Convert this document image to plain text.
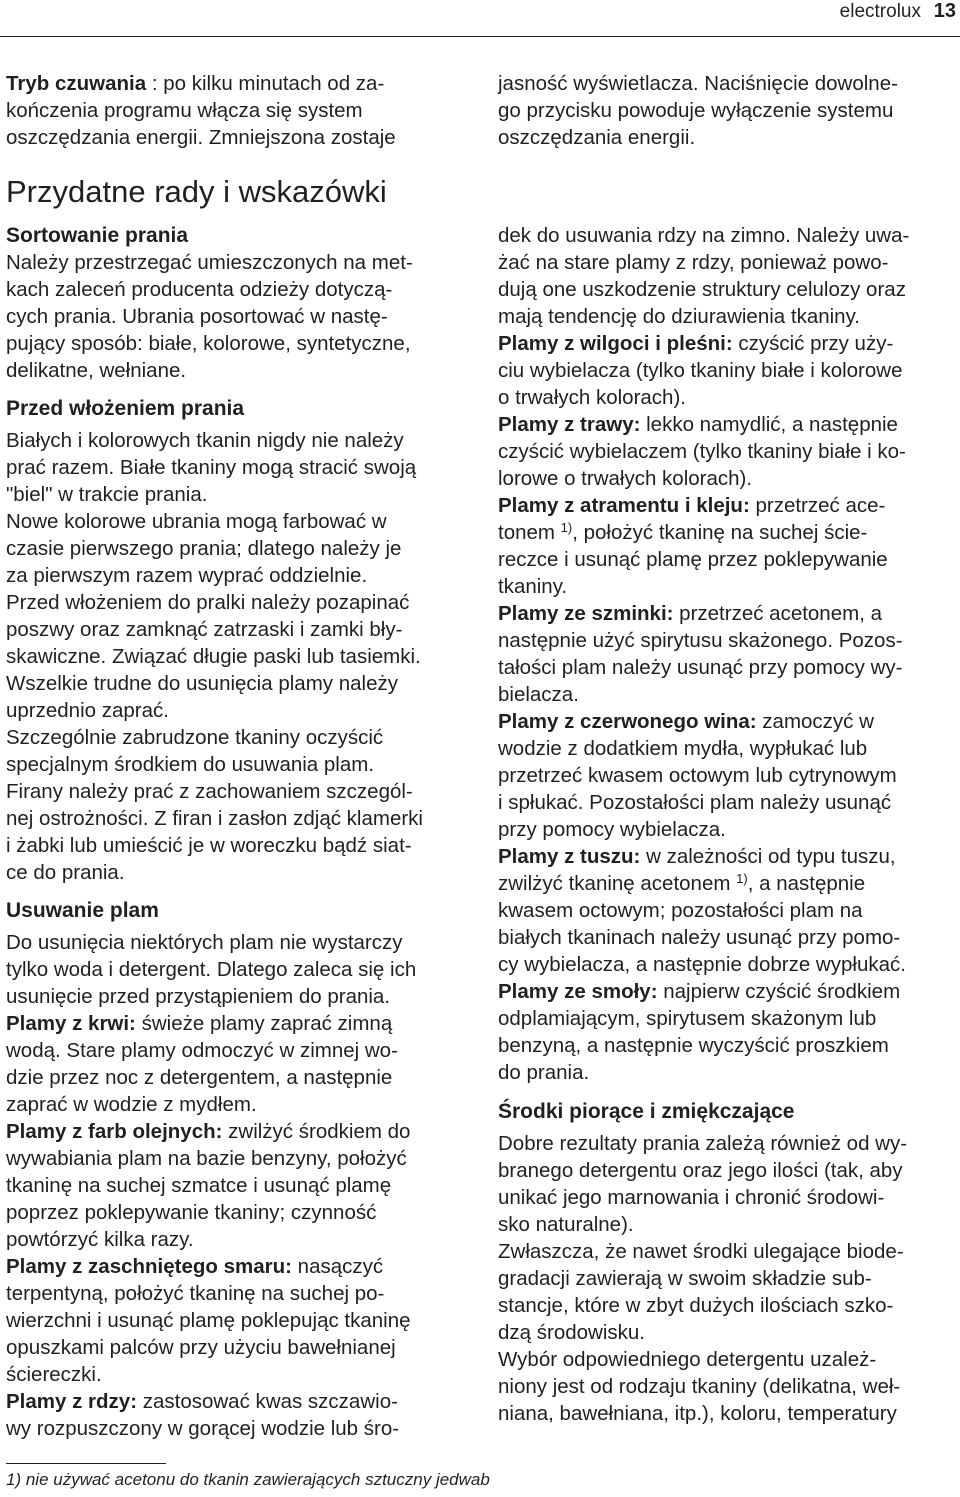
electrolux 13
Tryb czuwania : po kilku minutach od za-
kończenia programu włącza się system
oszczędzania energii. Zmniejszona zostaje
jasność wyświetlacza. Naciśnięcie dowolne-
go przycisku powoduje wyłączenie systemu
oszczędzania energii.
Przydatne rady i wskazówki
Sortowanie prania
Należy przestrzegać umieszczonych na met-
kach zaleceń producenta odzieży dotyczą-
cych prania. Ubrania posortować w nastę-
pujący sposób: białe, kolorowe, syntetyczne,
delikatne, wełniane.
Przed włożeniem prania
Białych i kolorowych tkanin nigdy nie należy
prać razem. Białe tkaniny mogą stracić swoją
"biel" w trakcie prania.
Nowe kolorowe ubrania mogą farbować w
czasie pierwszego prania; dlatego należy je
za pierwszym razem wyprać oddzielnie.
Przed włożeniem do pralki należy pozapinać
poszwy oraz zamknąć zatrzaski i zamki bły-
skawiczne. Związać długie paski lub tasiemki.
Wszelkie trudne do usunięcia plamy należy
uprzednio zaprać.
Szczególnie zabrudzone tkaniny oczyścić
specjalnym środkiem do usuwania plam.
Firany należy prać z zachowaniem szczegól-
nej ostrożności. Z firan i zasłon zdjąć klamerki
i żabki lub umieścić je w woreczku bądź siat-
ce do prania.
Usuwanie plam
Do usunięcia niektórych plam nie wystarczy
tylko woda i detergent. Dlatego zaleca się ich
usunięcie przed przystąpieniem do prania.
Plamy z krwi: świeże plamy zaprać zimną
wodą. Stare plamy odmoczyć w zimnej wo-
dzie przez noc z detergentem, a następnie
zaprać w wodzie z mydłem.
Plamy z farb olejnych: zwilżyć środkiem do
wywabiania plam na bazie benzyny, położyć
tkaninę na suchej szmatce i usunąć plamę
poprzez poklepywanie tkaniny; czynność
powtórzyć kilka razy.
Plamy z zaschniętego smaru: nasączyć
terpentyną, położyć tkaninę na suchej po-
wierzchni i usunąć plamę poklepując tkaninę
opuszkami palców przy użyciu bawełnianej
ściereczki.
Plamy z rdzy: zastosować kwas szczawio-
wy rozpuszczony w gorącej wodzie lub śro-
dek do usuwania rdzy na zimno. Należy uwa-
żać na stare plamy z rdzy, ponieważ powo-
dują one uszkodzenie struktury celulozy oraz
mają tendencję do dziurawienia tkaniny.
Plamy z wilgoci i pleśni: czyścić przy uży-
ciu wybielacza (tylko tkaniny białe i kolorowe
o trwałych kolorach).
Plamy z trawy: lekko namydlić, a następnie
czyścić wybielaczem (tylko tkaniny białe i ko-
lorowe o trwałych kolorach).
Plamy z atramentu i kleju: przetrzeć ace-
tonem $^{1)}$, położyć tkaninę na suchej ście-
reczce i usunąć plamę przez poklepywanie
tkaniny.
Plamy ze szminki: przetrzeć acetonem, a
następnie użyć spirytusu skażonego. Pozos-
tałości plam należy usunąć przy pomocy wy-
bielacza.
Plamy z czerwonego wina: zamoczyć w
wodzie z dodatkiem mydła, wypłukać lub
przetrzeć kwasem octowym lub cytrynowym
i spłukać. Pozostałości plam należy usunąć
przy pomocy wybielacza.
Plamy z tuszu: w zależności od typu tuszu,
zwilżyć tkaninę acetonem $^{1)}$, a następnie
kwasem octowym; pozostałości plam na
białych tkaninach należy usunąć przy pomo-
cy wybielacza, a następnie dobrze wypłukać.
Plamy ze smoły: najpierw czyścić środkiem
odplamiającym, spirytusem skażonym lub
benzyną, a następnie wyczyścić proszkiem
do prania.
Środki piorące i zmiękczające
Dobre rezultaty prania zależą również od wy-
branego detergentu oraz jego ilości (tak, aby
unikać jego marnowania i chronić środowi-
sko naturalne).
Zwłaszcza, że nawet środki ulegające biode-
gradacji zawierają w swoim składzie sub-
stancje, które w zbyt dużych ilościach szko-
dzą środowisku.
Wybór odpowiedniego detergentu uzależ-
niony jest od rodzaju tkaniny (delikatna, weł-
niana, bawełniana, itp.), koloru, temperatury
1) nie używać acetonu do tkanin zawierających sztuczny jedwab
